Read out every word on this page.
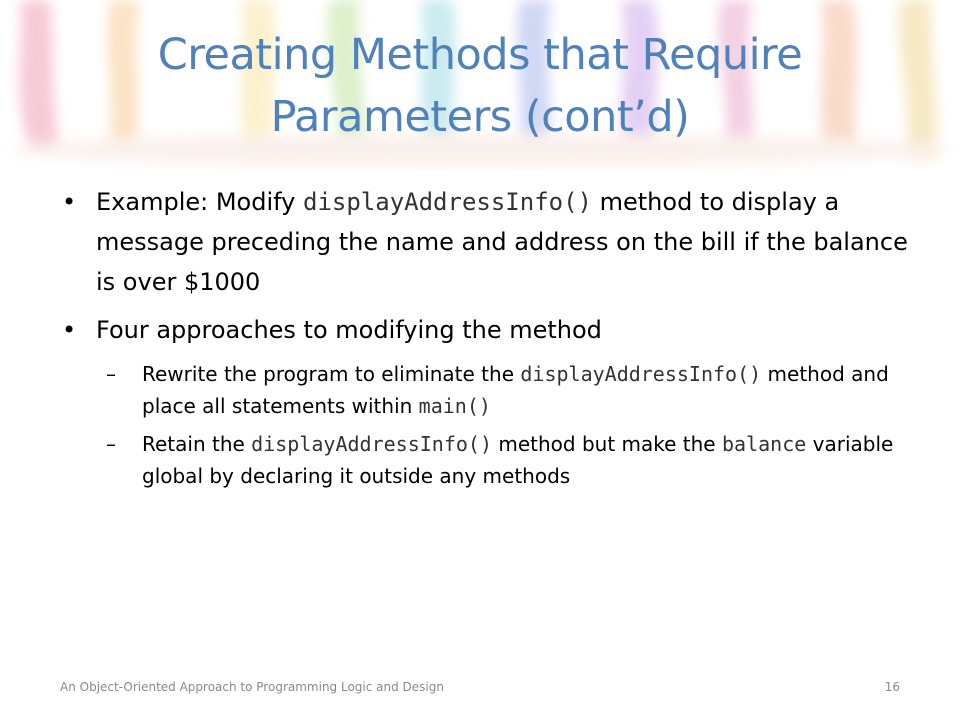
Creating Methods that Require
Parameters (cont’d)
• Example: Modify displayAddressInfo() method to display a message preceding the name and address on the bill if the balance is over $1000
• Four approaches to modifying the method
– Rewrite the program to eliminate the displayAddressInfo() method and place all statements within main()
– Retain the displayAddressInfo() method but make the balance variable global by declaring it outside any methods
An Object-Oriented Approach to Programming Logic and Design	16
